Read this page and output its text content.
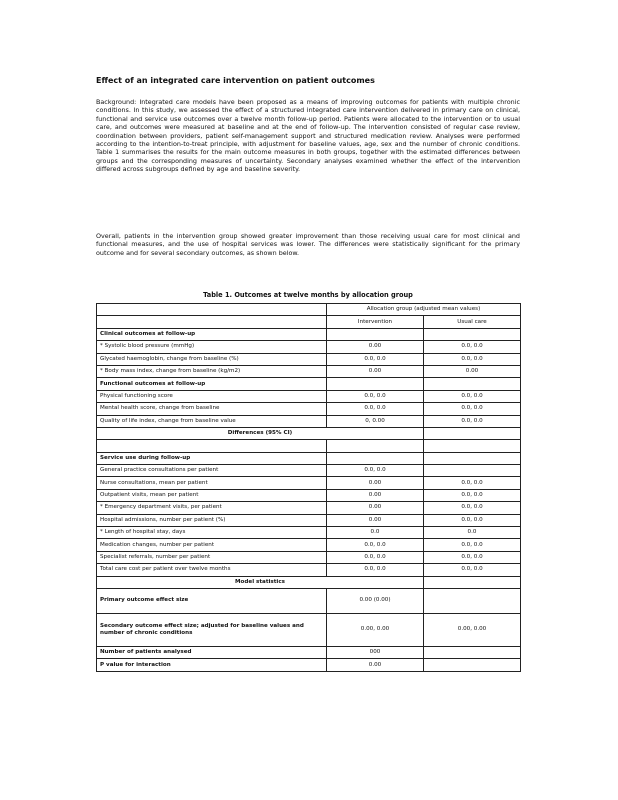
Effect of an integrated care intervention on patient outcomes
Background: Integrated care models have been proposed as a means of improving outcomes for patients with multiple chronic conditions. In this study, we assessed the effect of a structured integrated care intervention delivered in primary care on clinical, functional and service use outcomes over a twelve month follow-up period. Patients were allocated to the intervention or to usual care, and outcomes were measured at baseline and at the end of follow-up. The intervention consisted of regular case review, coordination between providers, patient self-management support and structured medication review. Analyses were performed according to the intention-to-treat principle, with adjustment for baseline values, age, sex and the number of chronic conditions. Table 1 summarises the results for the main outcome measures in both groups, together with the estimated differences between groups and the corresponding measures of uncertainty. Secondary analyses examined whether the effect of the intervention differed across subgroups defined by age and baseline severity.
Overall, patients in the intervention group showed greater improvement than those receiving usual care for most clinical and functional measures, and the use of hospital services was lower. The differences were statistically significant for the primary outcome and for several secondary outcomes, as shown below.
Table 1. Outcomes at twelve months by allocation group
	Allocation group (adjusted mean values)	
	Intervention	Usual care
Clinical outcomes at follow-up		
* Systolic blood pressure (mmHg)	0.00	0.0, 0.0
Glycated haemoglobin, change from baseline (%)	0.0, 0.0	0.0, 0.0
* Body mass index, change from baseline (kg/m2)	0.00	0.00
Functional outcomes at follow-up		
Physical functioning score	0.0, 0.0	0.0, 0.0
Mental health score, change from baseline	0.0, 0.0	0.0, 0.0
Quality of life index, change from baseline value	0, 0.00	0.0, 0.0
Differences (95% CI)		

Service use during follow-up		
General practice consultations per patient	0.0, 0.0	
Nurse consultations, mean per patient	0.00	0.0, 0.0
Outpatient visits, mean per patient	0.00	0.0, 0.0
* Emergency department visits, per patient	0.00	0.0, 0.0
Hospital admissions, number per patient (%)	0.00	0.0, 0.0
* Length of hospital stay, days	0.0	0.0
Medication changes, number per patient	0.0, 0.0	0.0, 0.0
Specialist referrals, number per patient	0.0, 0.0	0.0, 0.0
Total care cost per patient over twelve months	0.0, 0.0	0.0, 0.0
Model statistics		
Primary outcome effect size	0.00 (0.00)	
Secondary outcome effect size; adjusted for baseline values and number of chronic conditions	0.00, 0.00	0.00, 0.00
Number of patients analysed	000	
P value for interaction	0.00	
